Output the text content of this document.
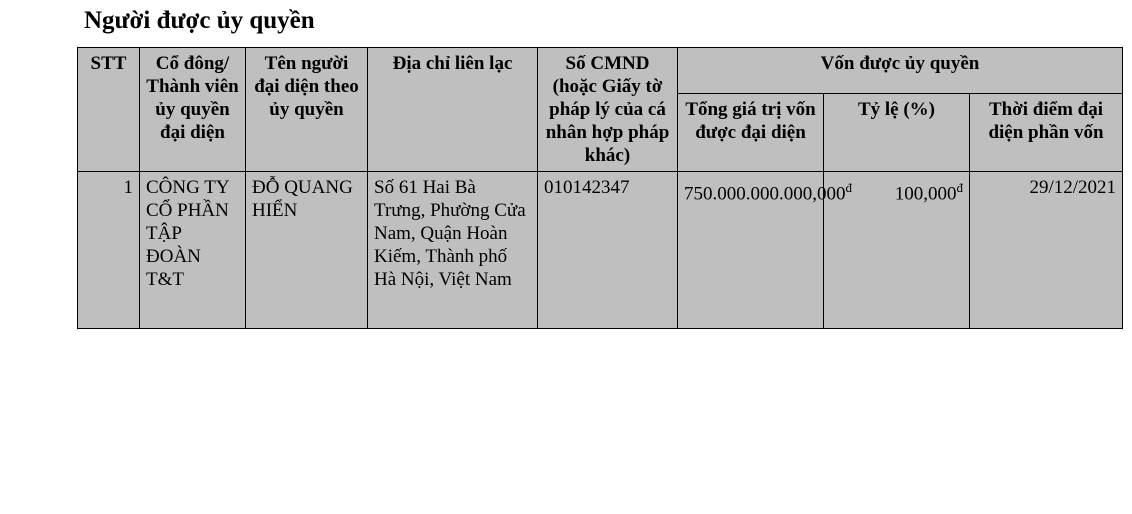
Người được ủy quyền
STT	Cổ đông/ Thành viên ủy quyền đại diện	Tên người đại diện theo ủy quyền	Địa chỉ liên lạc	Số CMND (hoặc Giấy tờ pháp lý của cá nhân hợp pháp khác)	Vốn được ủy quyền		
					Tổng giá trị vốn được đại diện	Tỷ lệ (%)	Thời điểm đại diện phần vốn
1	CÔNG TY CỔ PHẦN TẬP ĐOÀN T&T	ĐỖ QUANG HIỂN	Số 61 Hai Bà Trưng, Phường Cửa Nam, Quận Hoàn Kiếm, Thành phố Hà Nội, Việt Nam	010142347	$750.000.000.000,000^đ$	$100,000^đ$	29/12/2021
